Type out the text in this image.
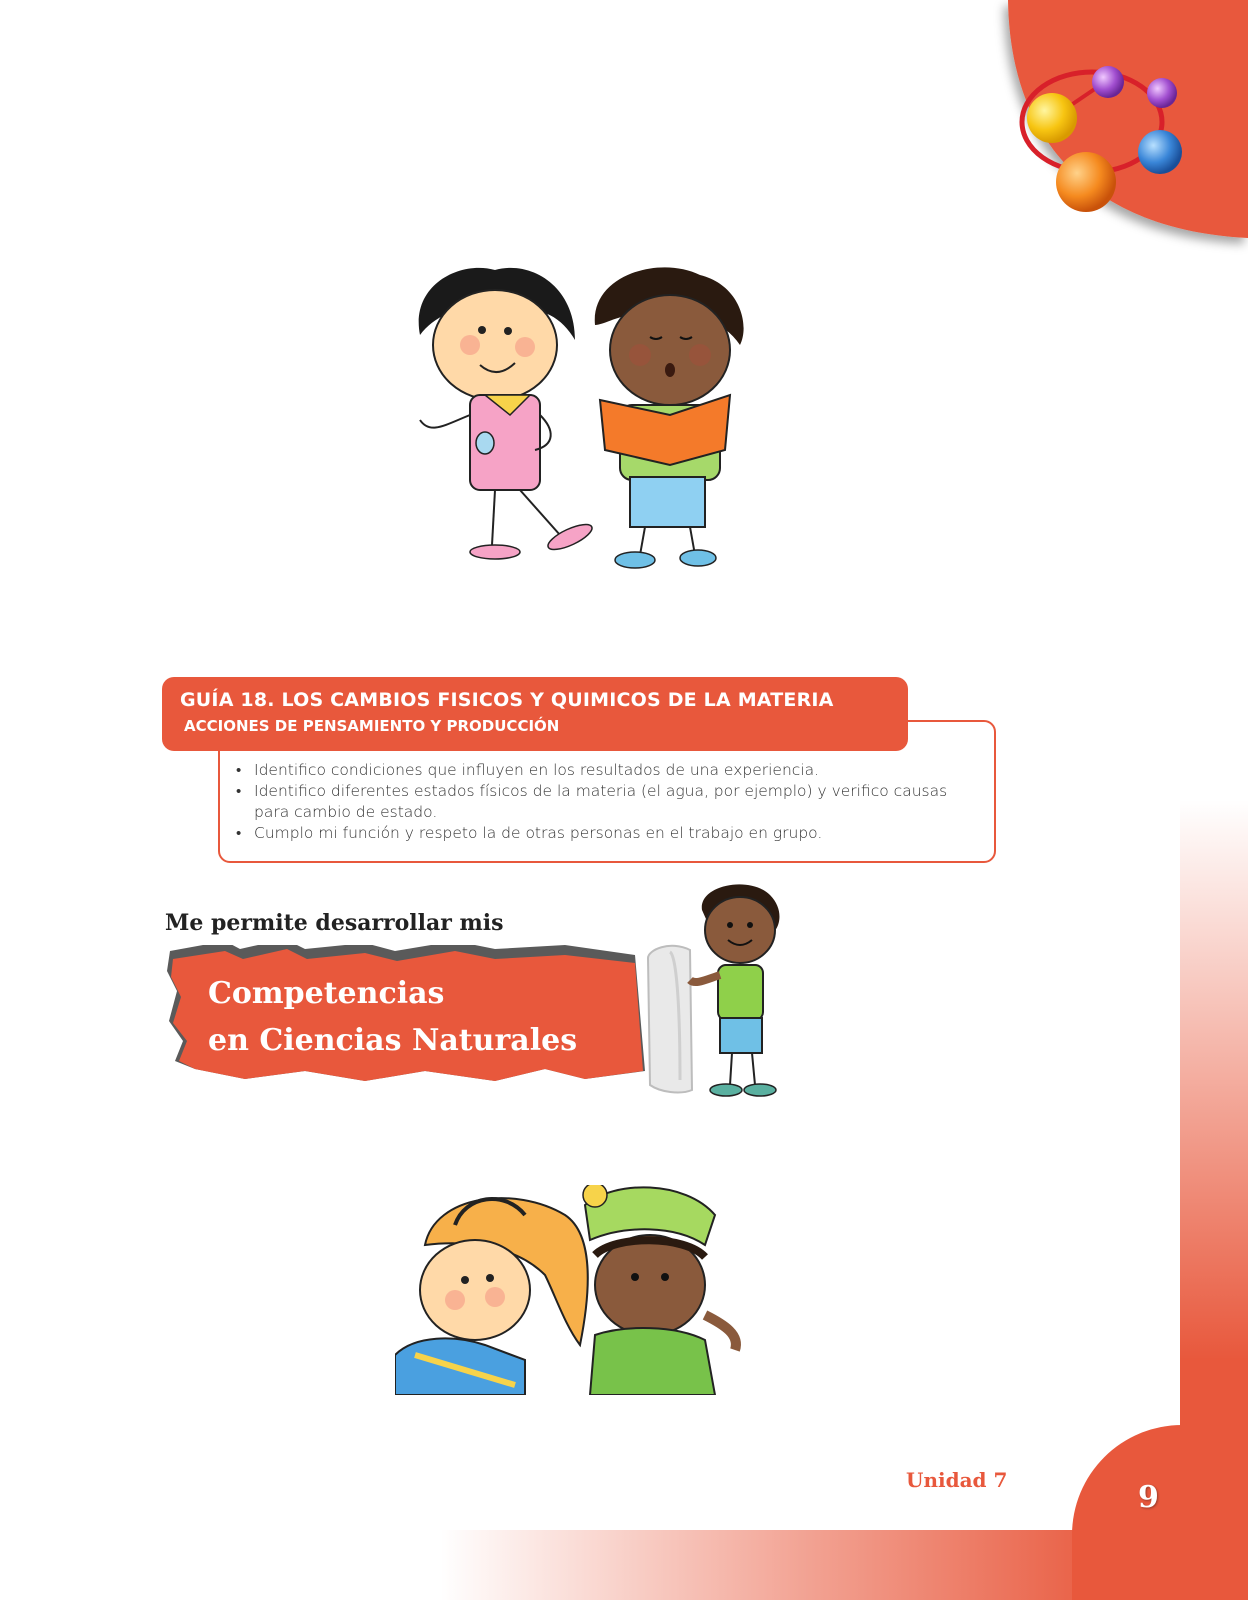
GUÍA 18. LOS CAMBIOS FISICOS Y QUIMICOS DE LA MATERIA
ACCIONES DE PENSAMIENTO Y PRODUCCIÓN
• Identifico condiciones que influyen en los resultados de una experiencia.
• Identifico diferentes estados físicos de la materia (el agua, por ejemplo) y verifico causas para cambio de estado.
• Cumplo mi función y respeto la de otras personas en el trabajo en grupo.
Me permite desarrollar mis
Competencias
en Ciencias Naturales
Unidad 7	9
